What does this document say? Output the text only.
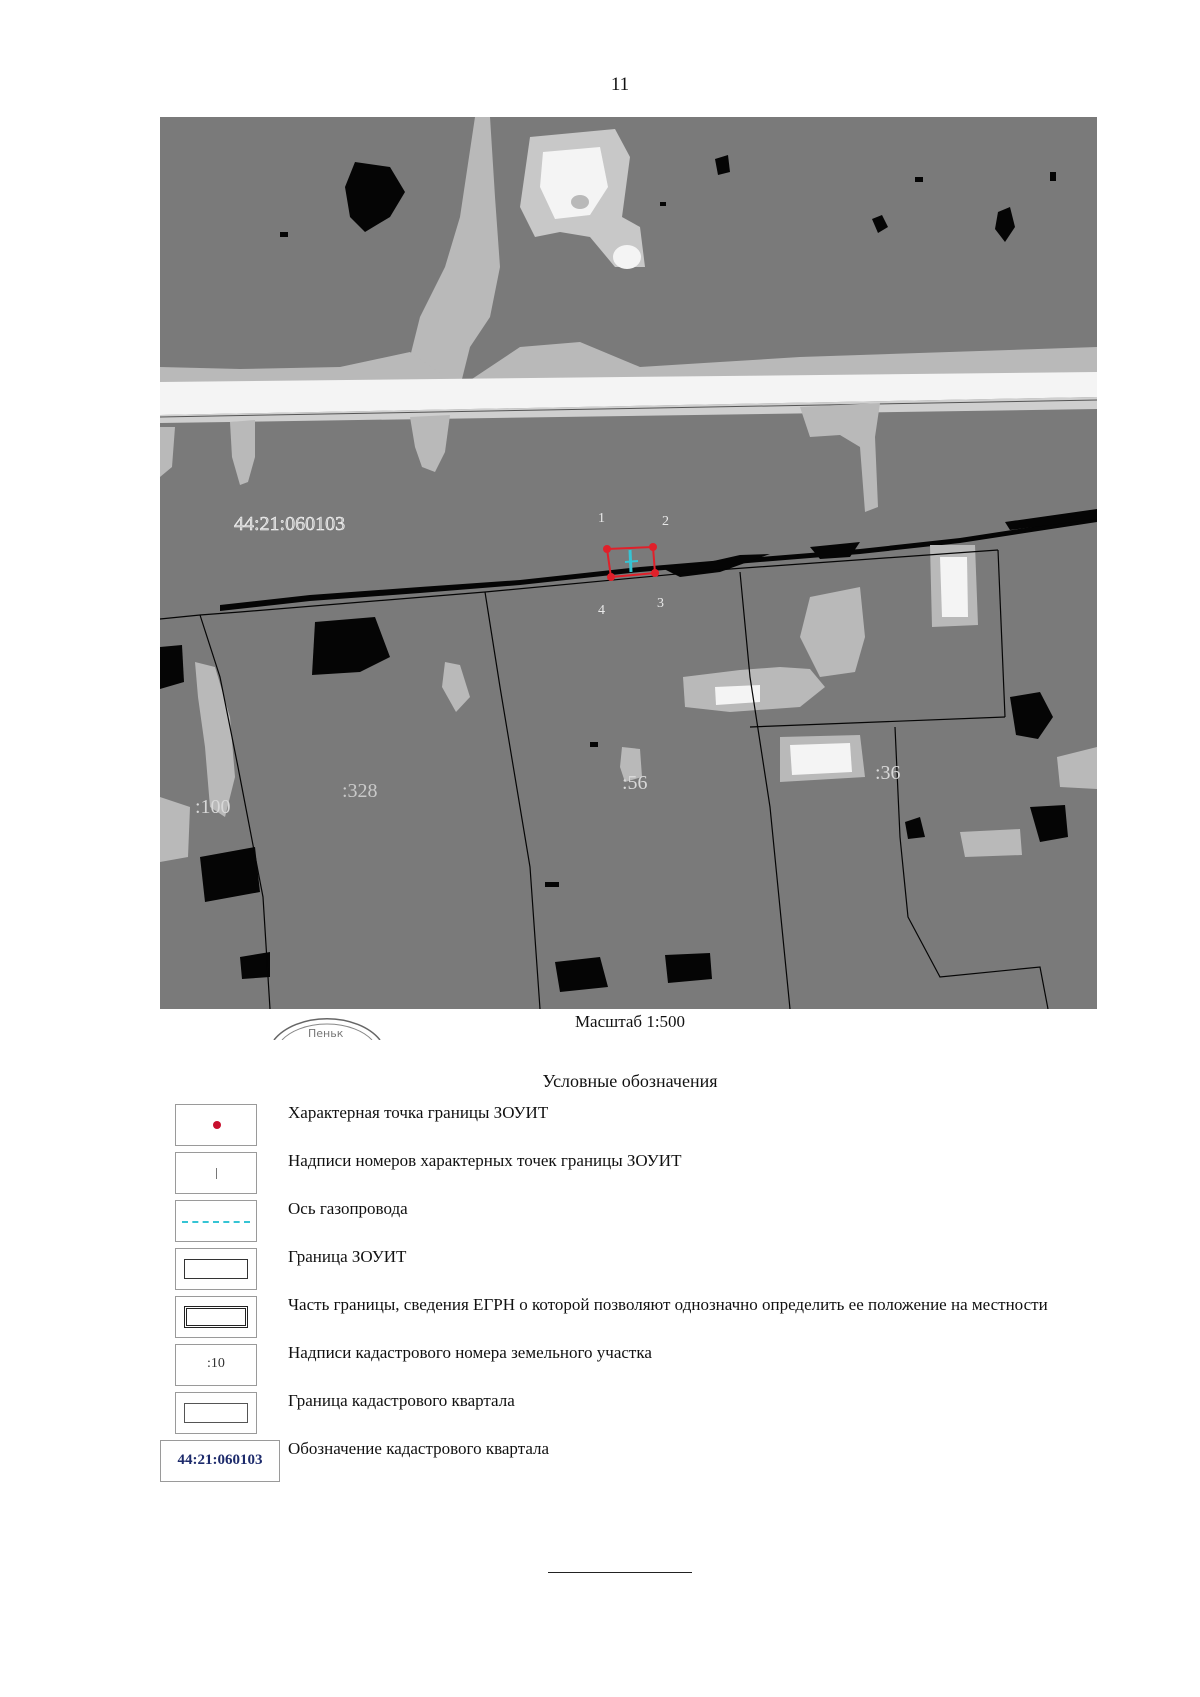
11
44:21:060103	1	2
3
4
:328	:56	:36
:100
Пеньк
Масштаб 1:500
Условные обозначения
Характерная точка границы ЗОУИТ
Надписи номеров характерных точек границы ЗОУИТ
Ось газопровода
Граница ЗОУИТ
Часть границы, сведения ЕГРН о которой позволяют однозначно определить ее положение на местности
:10
Надписи кадастрового номера земельного участка
Граница кадастрового квартала
44:21:060103
Обозначение кадастрового квартала
